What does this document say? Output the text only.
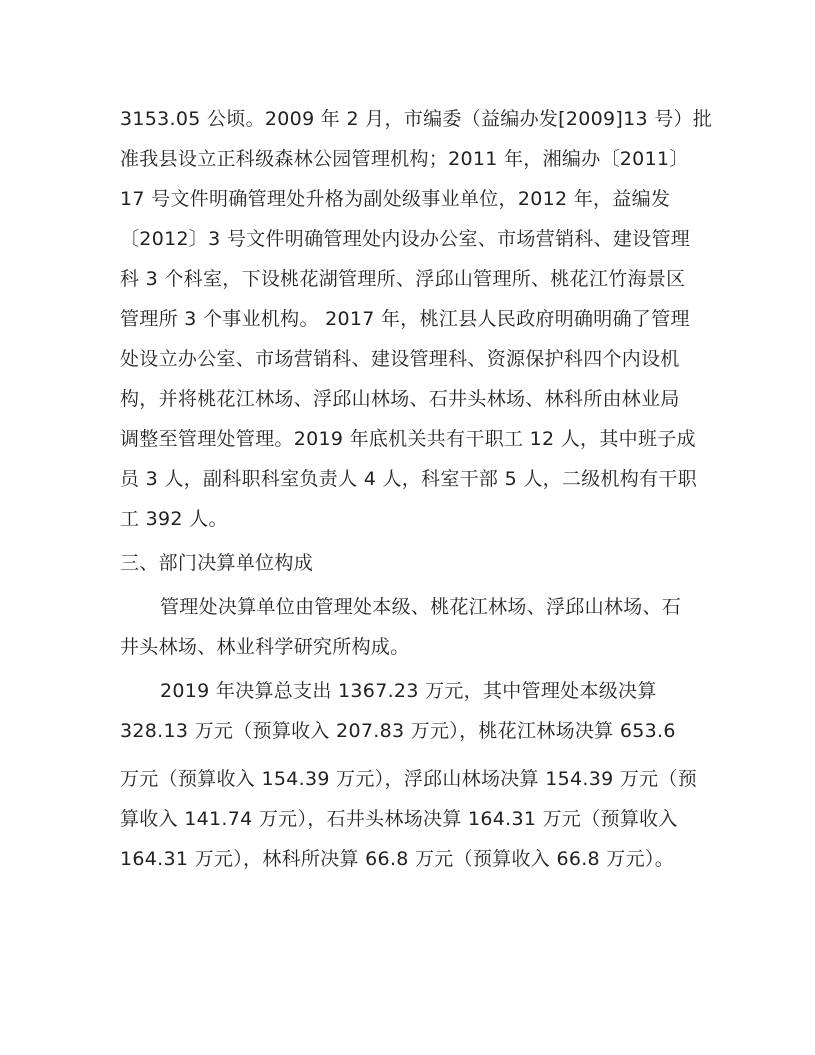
3153.05 公顷。2009 年 2 月，市编委（益编办发[2009]13 号）批
准我县设立正科级森林公园管理机构；2011 年，湘编办〔2011〕
17 号文件明确管理处升格为副处级事业单位，2012 年，益编发
〔2012〕3 号文件明确管理处内设办公室、市场营销科、建设管理
科 3 个科室，下设桃花湖管理所、浮邱山管理所、桃花江竹海景区
管理所 3 个事业机构。 2017 年，桃江县人民政府明确明确了管理
处设立办公室、市场营销科、建设管理科、资源保护科四个内设机
构，并将桃花江林场、浮邱山林场、石井头林场、林科所由林业局
调整至管理处管理。2019 年底机关共有干职工 12 人，其中班子成
员 3 人，副科职科室负责人 4 人，科室干部 5 人，二级机构有干职
工 392 人。
三、部门决算单位构成
管理处决算单位由管理处本级、桃花江林场、浮邱山林场、石
井头林场、林业科学研究所构成。
2019 年决算总支出 1367.23 万元，其中管理处本级决算
328.13 万元（预算收入 207.83 万元），桃花江林场决算 653.6
万元（预算收入 154.39 万元），浮邱山林场决算 154.39 万元（预
算收入 141.74 万元），石井头林场决算 164.31 万元（预算收入
164.31 万元），林科所决算 66.8 万元（预算收入 66.8 万元）。
